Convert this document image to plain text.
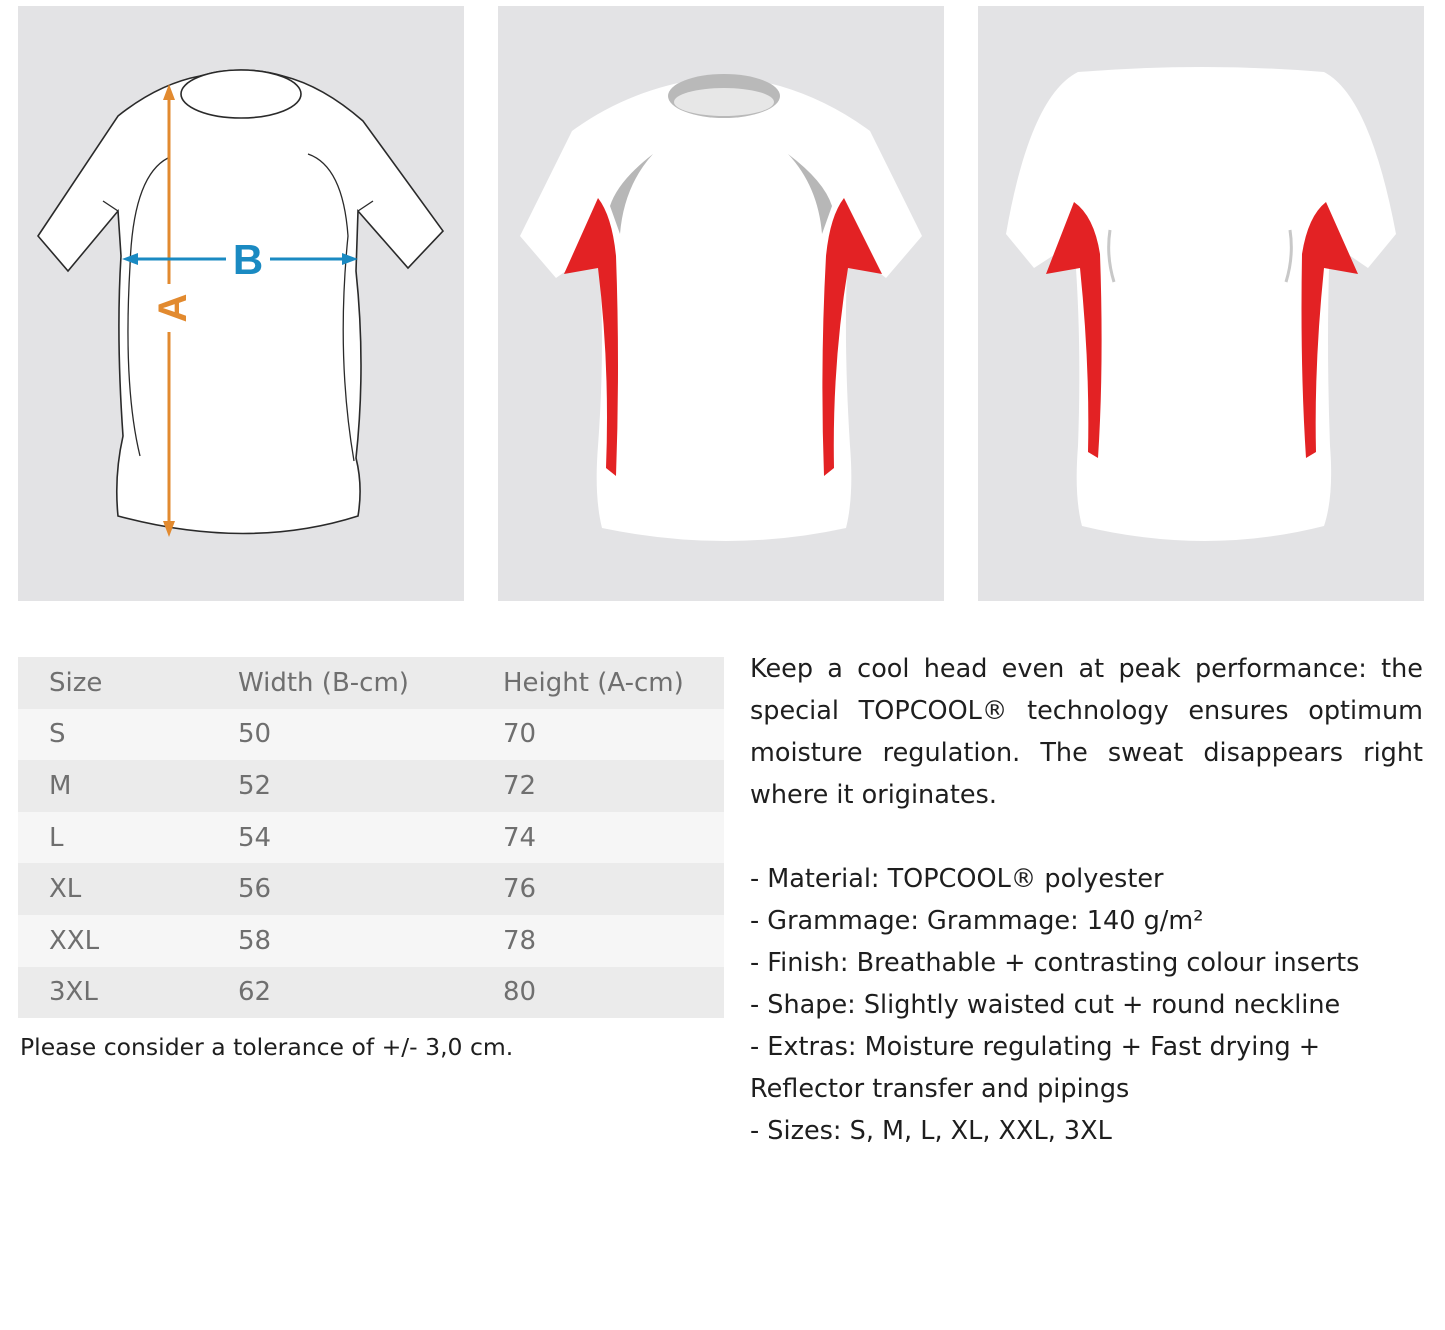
A
B
Size	Width (B-cm)	Height (A-cm)
S	50	70
M	52	72
L	54	74
XL	56	76
XXL	58	78
3XL	62	80
Please consider a tolerance of +/- 3,0 cm.

Keep a cool head even at peak performance: the special TOPCOOL® technology ensures optimum moisture regulation. The sweat disappears right where it originates.

- Material: TOPCOOL® polyester
- Grammage: Grammage: 140 g/m²
- Finish: Breathable + contrasting colour inserts
- Shape: Slightly waisted cut + round neckline
- Extras: Moisture regulating + Fast drying + Reflector transfer and pipings
- Sizes: S, M, L, XL, XXL, 3XL
